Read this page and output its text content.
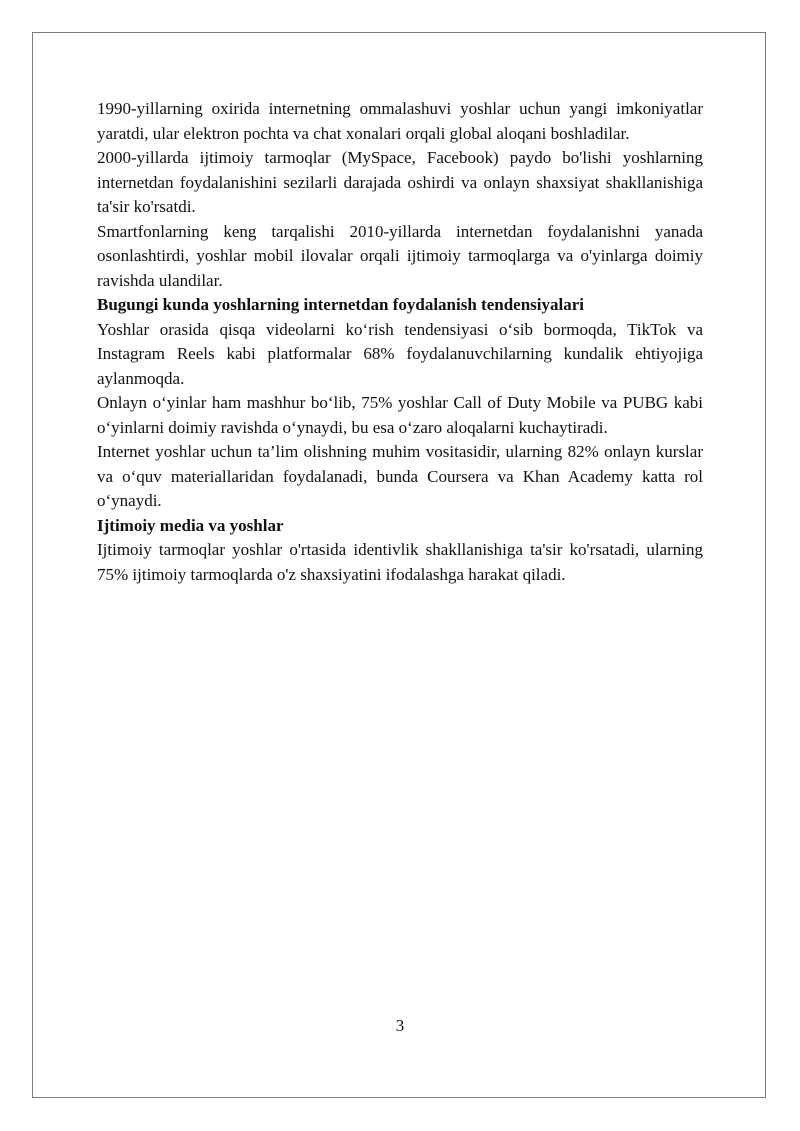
1990-yillarning oxirida internetning ommalashuvi yoshlar uchun yangi imkoniyatlar yaratdi, ular elektron pochta va chat xonalari orqali global aloqani boshladilar.

2000-yillarda ijtimoiy tarmoqlar (MySpace, Facebook) paydo bo'lishi yoshlarning internetdan foydalanishini sezilarli darajada oshirdi va onlayn shaxsiyat shakllanishiga ta'sir ko'rsatdi.

Smartfonlarning keng tarqalishi 2010-yillarda internetdan foydalanishni yanada osonlashtirdi, yoshlar mobil ilovalar orqali ijtimoiy tarmoqlarga va o'yinlarga doimiy ravishda ulandilar.

Bugungi kunda yoshlarning internetdan foydalanish tendensiyalari

Yoshlar orasida qisqa videolarni ko‘rish tendensiyasi o‘sib bormoqda, TikTok va Instagram Reels kabi platformalar 68% foydalanuvchilarning kundalik ehtiyojiga aylanmoqda.

Onlayn o‘yinlar ham mashhur bo‘lib, 75% yoshlar Call of Duty Mobile va PUBG kabi o‘yinlarni doimiy ravishda o‘ynaydi, bu esa o‘zaro aloqalarni kuchaytiradi.

Internet yoshlar uchun ta’lim olishning muhim vositasidir, ularning 82% onlayn kurslar va o‘quv materiallaridan foydalanadi, bunda Coursera va Khan Academy katta rol o‘ynaydi.

Ijtimoiy media va yoshlar

Ijtimoiy tarmoqlar yoshlar o'rtasida identivlik shakllanishiga ta'sir ko'rsatadi, ularning 75% ijtimoiy tarmoqlarda o'z shaxsiyatini ifodalashga harakat qiladi.

3
